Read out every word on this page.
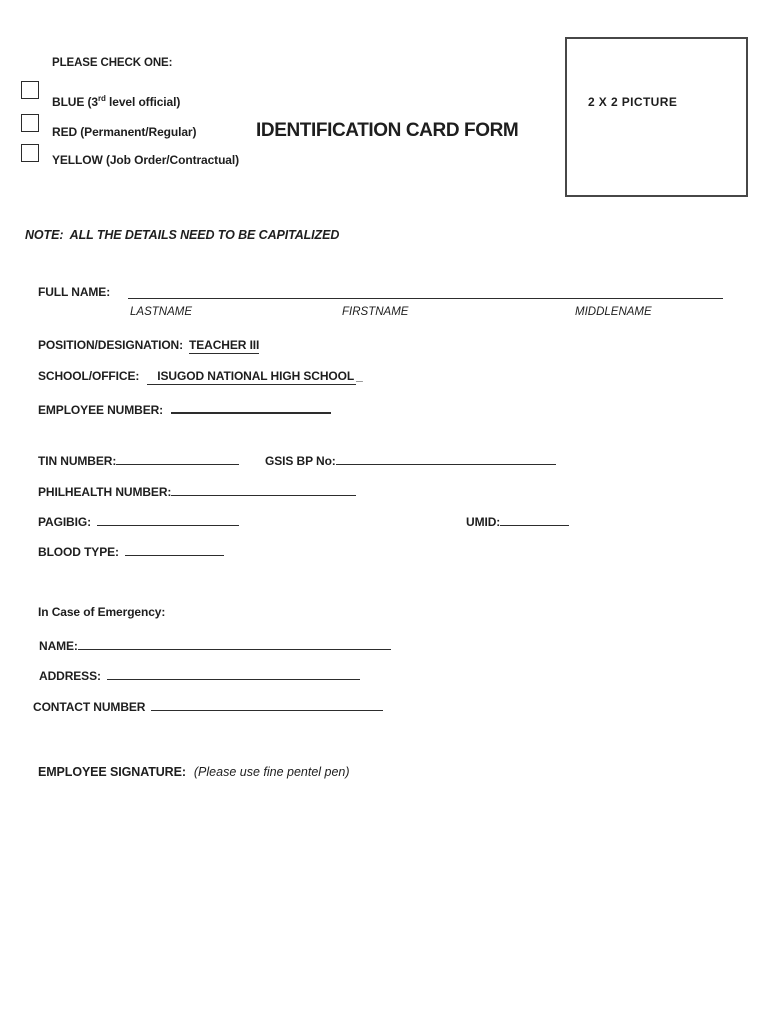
PLEASE CHECK ONE:
BLUE (3rd level official)
RED (Permanent/Regular)
YELLOW (Job Order/Contractual)
IDENTIFICATION CARD FORM
2 X 2 PICTURE
NOTE:  ALL THE DETAILS NEED TO BE CAPITALIZED
FULL NAME:
LASTNAME	FIRSTNAME	MIDDLENAME
POSITION/DESIGNATION: TEACHER III
SCHOOL/OFFICE: ISUGOD NATIONAL HIGH SCHOOL _
EMPLOYEE NUMBER:
TIN NUMBER:	GSIS BP No:
PHILHEALTH NUMBER:
PAGIBIG:	UMID:
BLOOD TYPE:
In Case of Emergency:
NAME:
ADDRESS:
CONTACT NUMBER
EMPLOYEE SIGNATURE: (Please use fine pentel pen)
